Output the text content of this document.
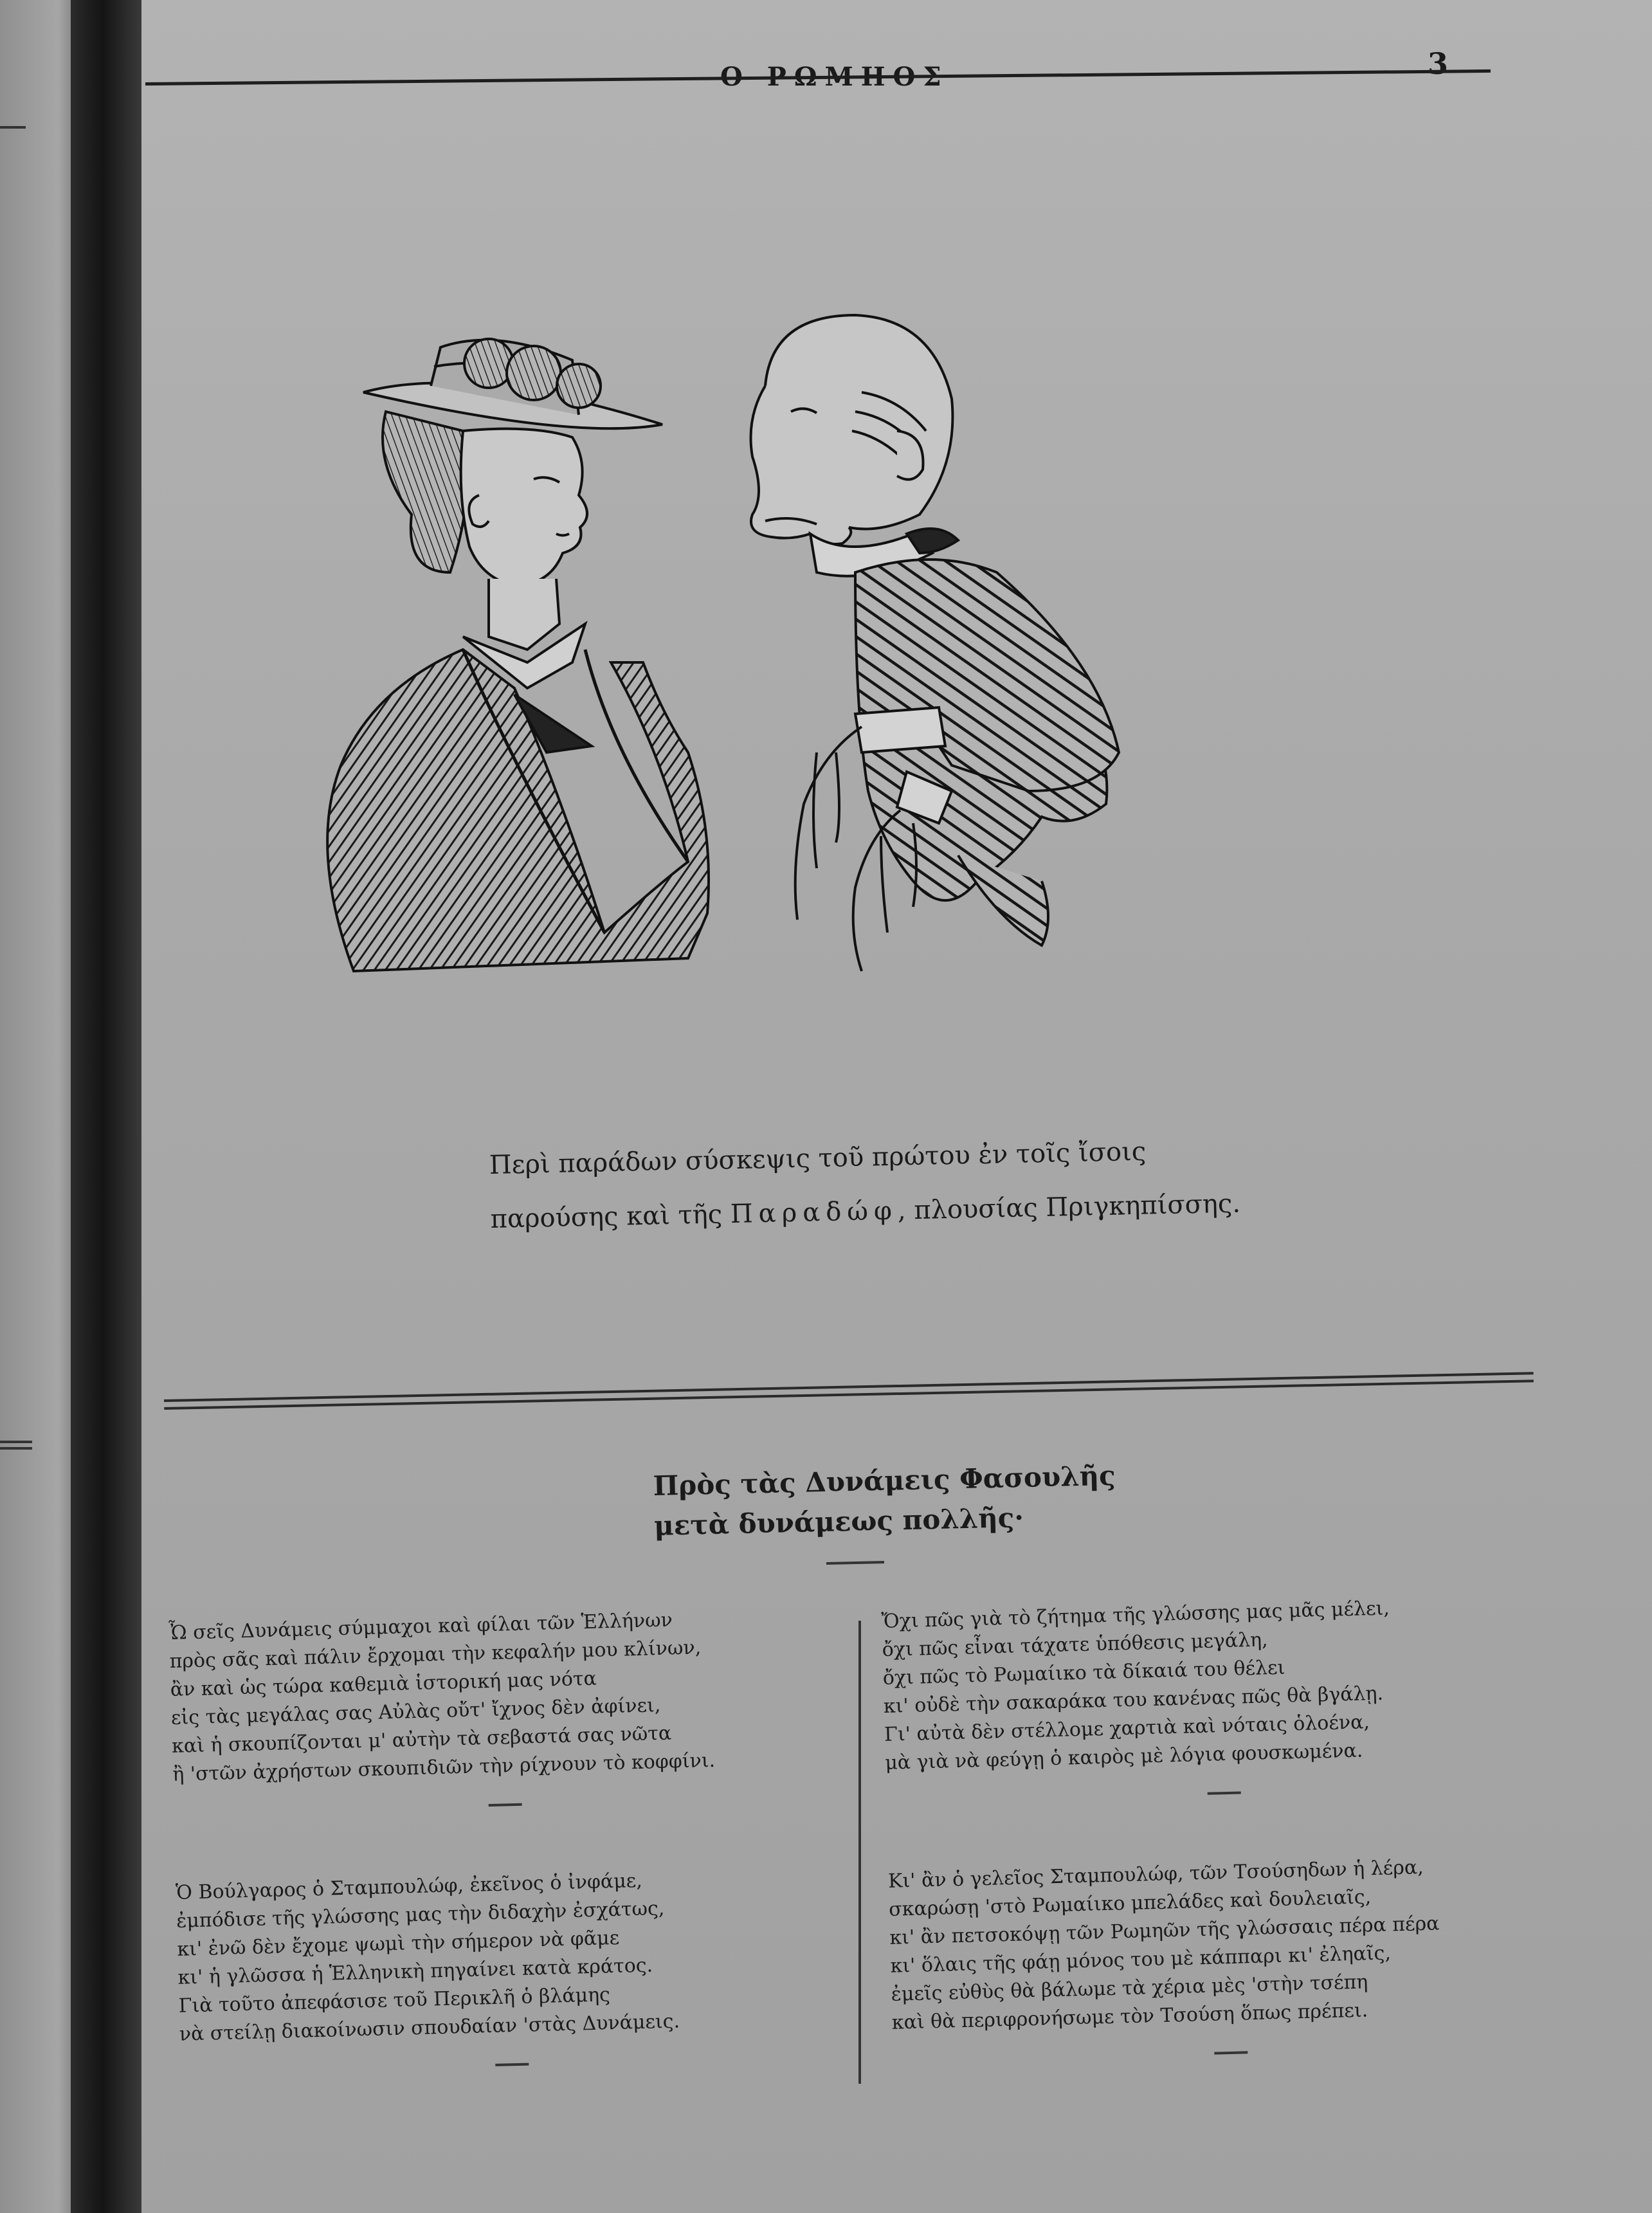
3
Περὶ παράδων σύσκεψις τοῦ πρώτου ἐν τοῖς ἴσοις
παρούσης καὶ τῆς Παραδώφ, πλουσίας Πριγκηπίσσης.
Πρὸς τὰς Δυνάμεις Φασουλῆς
μετὰ δυνάμεως πολλῆς·
Ὦ σεῖς Δυνάμεις σύμμαχοι καὶ φίλαι τῶν Ἑλλήνων
πρὸς σᾶς καὶ πάλιν ἔρχομαι τὴν κεφαλήν μου κλίνων,
ἂν καὶ ὡς τώρα καθεμιὰ ἱστορική μας νότα
εἰς τὰς μεγάλας σας Αὐλὰς οὔτ' ἴχνος δὲν ἀφίνει,
καὶ ἡ σκουπίζονται μ' αὐτὴν τὰ σεβαστά σας νῶτα
ἢ 'στῶν ἀχρήστων σκουπιδιῶν τὴν ρίχνουν τὸ κοφφίνι.
Ὁ Βούλγαρος ὁ Σταμπουλώφ, ἐκεῖνος ὁ ἰνφάμε,
ἐμπόδισε τῆς γλώσσης μας τὴν διδαχὴν ἐσχάτως,
κι' ἐνῶ δὲν ἔχομε ψωμὶ τὴν σήμερον νὰ φᾶμε
κι' ἡ γλῶσσα ἡ Ἑλληνικὴ πηγαίνει κατὰ κράτος.
Γιὰ τοῦτο ἀπεφάσισε τοῦ Περικλῆ ὁ βλάμης
νὰ στείλῃ διακοίνωσιν σπουδαίαν 'στὰς Δυνάμεις.
Ὄχι πῶς γιὰ τὸ ζήτημα τῆς γλώσσης μας μᾶς μέλει,
ὄχι πῶς εἶναι τάχατε ὑπόθεσις μεγάλη,
ὄχι πῶς τὸ Ρωμαίικο τὰ δίκαιά του θέλει
κι' οὐδὲ τὴν σακαράκα του κανένας πῶς θὰ βγάλῃ.
Γι' αὐτὰ δὲν στέλλομε χαρτιὰ καὶ νόταις ὁλοένα,
μὰ γιὰ νὰ φεύγῃ ὁ καιρὸς μὲ λόγια φουσκωμένα.
Κι' ἂν ὁ γελεῖος Σταμπουλώφ, τῶν Τσούσηδων ἡ λέρα,
σκαρώσῃ 'στὸ Ρωμαίικο μπελάδες καὶ δουλειαῖς,
κι' ἂν πετσοκόψῃ τῶν Ρωμηῶν τῆς γλώσσαις πέρα πέρα
κι' ὅλαις τῆς φάῃ μόνος του μὲ κάππαρι κι' ἐληαῖς,
ἐμεῖς εὐθὺς θὰ βάλωμε τὰ χέρια μὲς 'στὴν τσέπη
καὶ θὰ περιφρονήσωμε τὸν Τσούση ὅπως πρέπει.
